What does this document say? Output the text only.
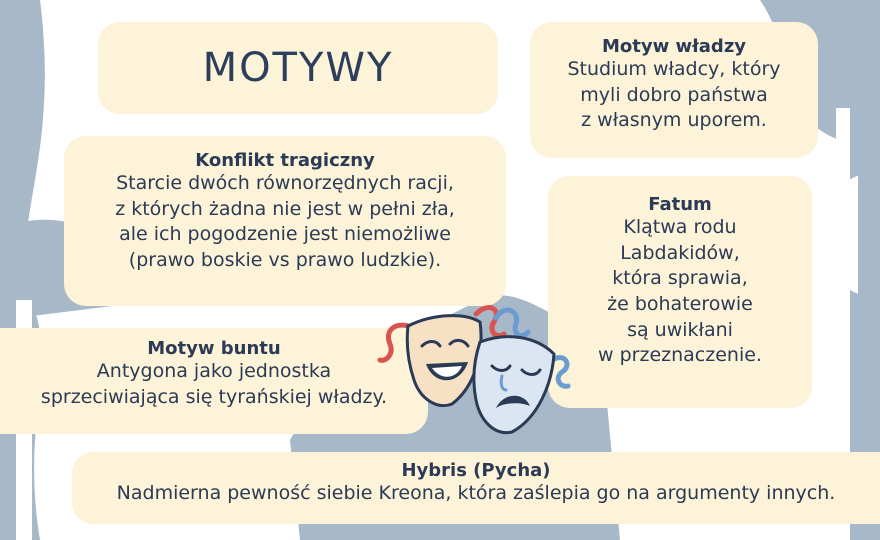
MOTYWY	Motyw władzy
Studium władcy, który
myli dobro państwa
z własnym uporem.
Konflikt tragiczny
Starcie dwóch równorzędnych racji,
z których żadna nie jest w pełni zła,
ale ich pogodzenie jest niemożliwe
(prawo boskie vs prawo ludzkie).
Fatum
Klątwa rodu
Labdakidów,
która sprawia,
że bohaterowie
są uwikłani
w przeznaczenie.
Motyw buntu
Antygona jako jednostka
sprzeciwiająca się tyrańskiej władzy.
Hybris (Pycha)
Nadmierna pewność siebie Kreona, która zaślepia go na argumenty innych.
